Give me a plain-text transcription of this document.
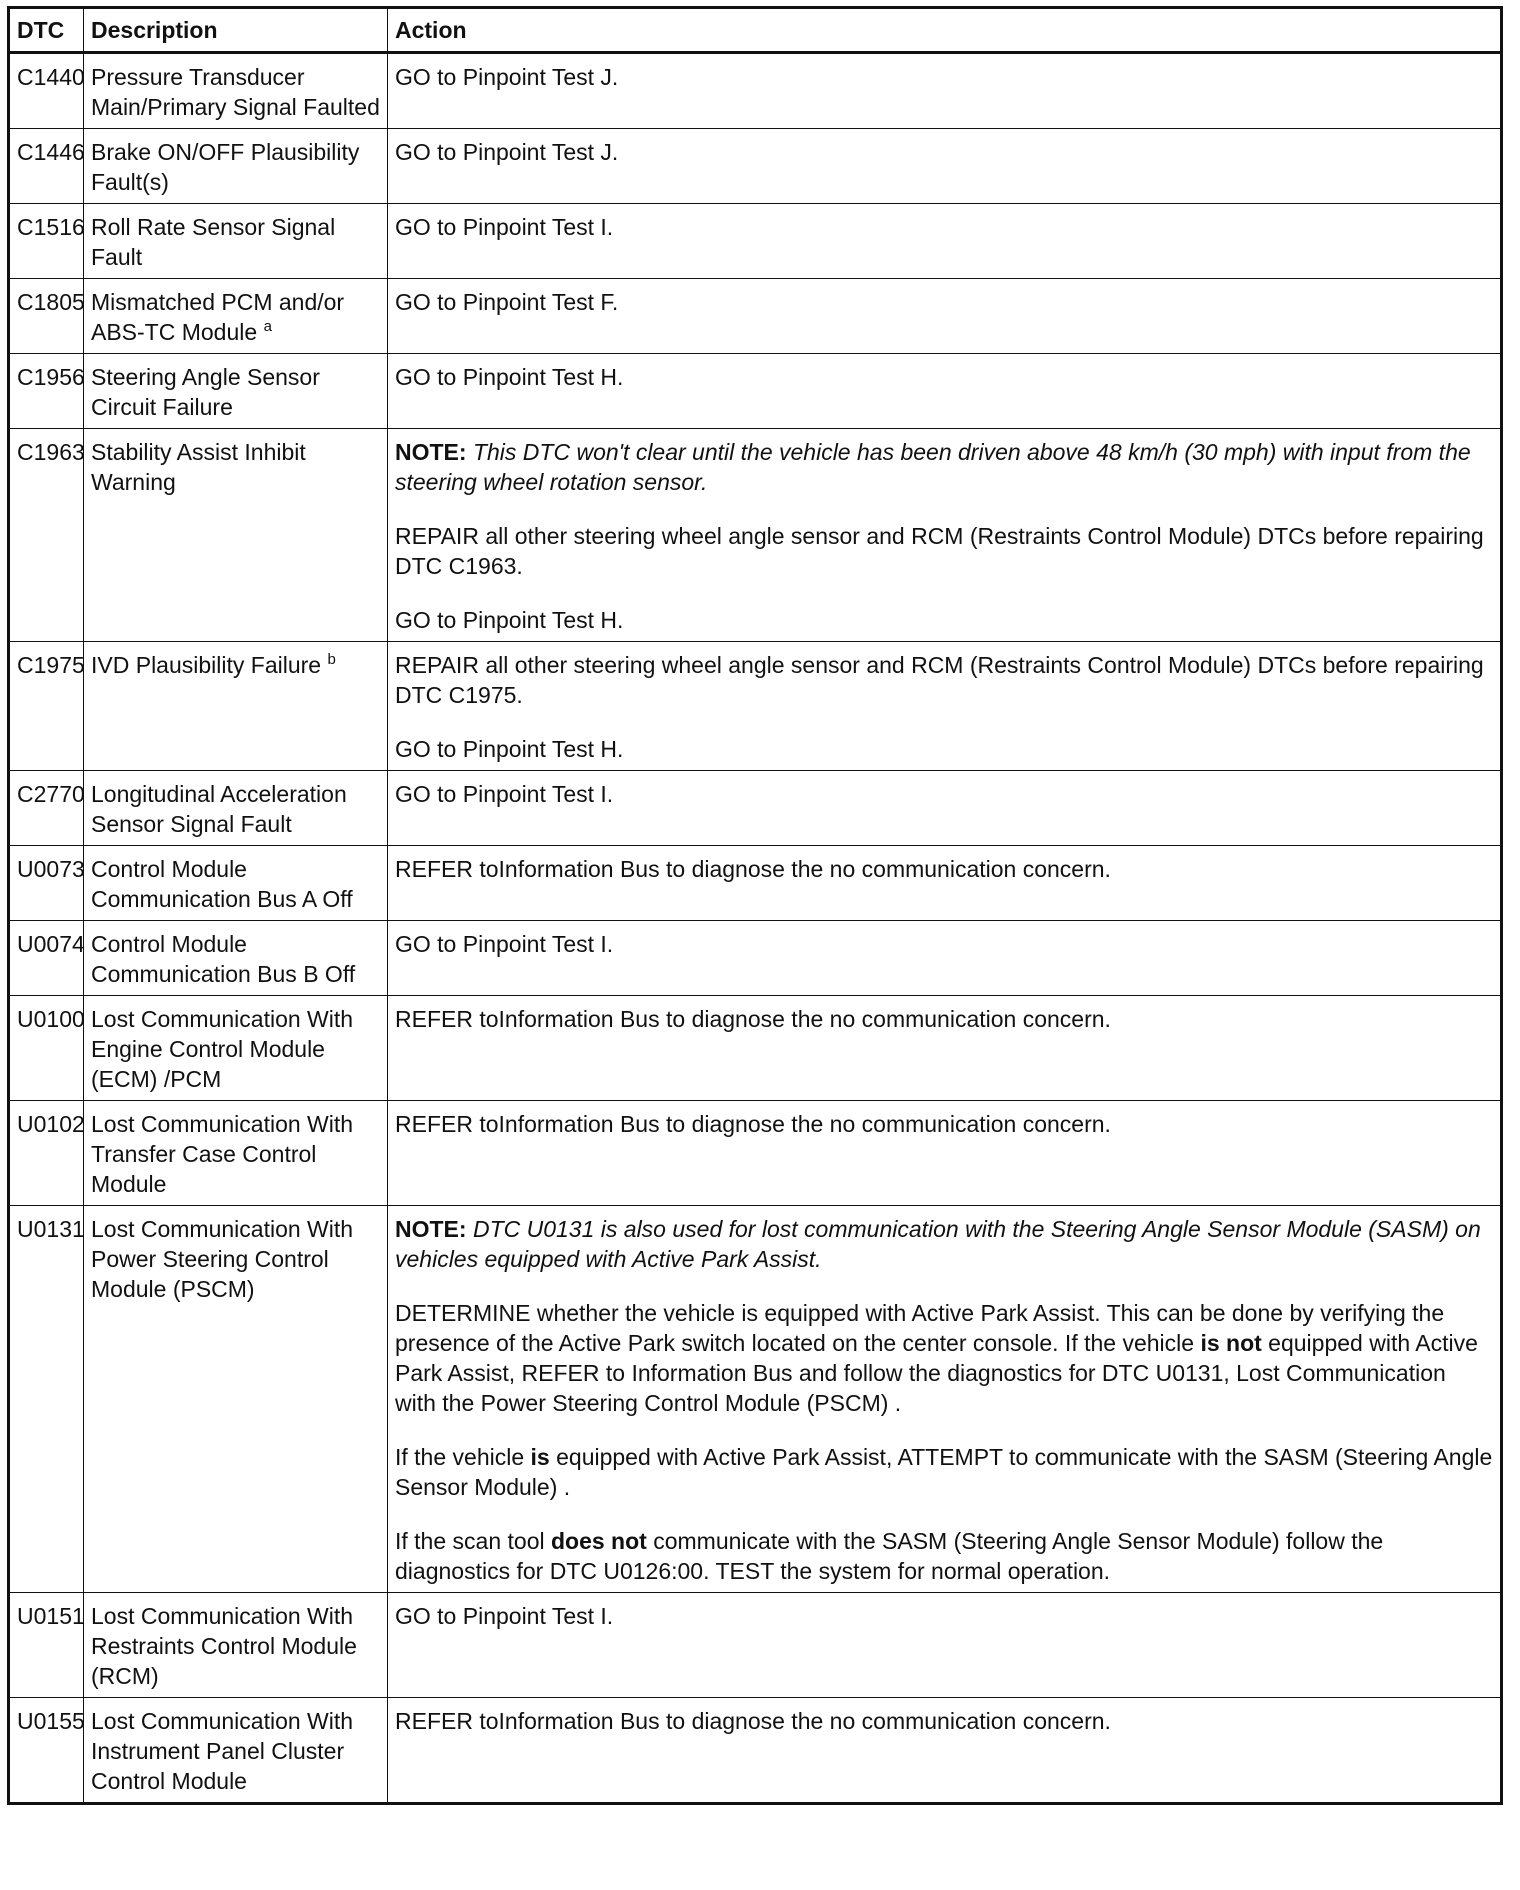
DTC	Description	Action
C1440	Pressure Transducer Main/Primary Signal Faulted	GO to Pinpoint Test J.

C1446	Brake ON/OFF Plausibility Fault(s)	GO to Pinpoint Test J.

C1516	Roll Rate Sensor Signal Fault	GO to Pinpoint Test I.

C1805	Mismatched PCM and/or ABS-TC Module $^a$	GO to Pinpoint Test F.

C1956	Steering Angle Sensor Circuit Failure	GO to Pinpoint Test H.

C1963	Stability Assist Inhibit Warning	NOTE: This DTC won't clear until the vehicle has been driven above 48 km/h (30 mph) with input from the steering wheel rotation sensor.

REPAIR all other steering wheel angle sensor and RCM (Restraints Control Module) DTCs before repairing DTC C1963.

GO to Pinpoint Test H.

C1975	IVD Plausibility Failure $^b$	REPAIR all other steering wheel angle sensor and RCM (Restraints Control Module) DTCs before repairing DTC C1975.

GO to Pinpoint Test H.

C2770	Longitudinal Acceleration Sensor Signal Fault	GO to Pinpoint Test I.

U0073	Control Module Communication Bus A Off	REFER toInformation Bus to diagnose the no communication concern.

U0074	Control Module Communication Bus B Off	GO to Pinpoint Test I.

U0100	Lost Communication With Engine Control Module (ECM) /PCM	REFER toInformation Bus to diagnose the no communication concern.

U0102	Lost Communication With Transfer Case Control Module	REFER toInformation Bus to diagnose the no communication concern.

U0131	Lost Communication With Power Steering Control Module (PSCM)	NOTE: DTC U0131 is also used for lost communication with the Steering Angle Sensor Module (SASM) on vehicles equipped with Active Park Assist.

DETERMINE whether the vehicle is equipped with Active Park Assist. This can be done by verifying the presence of the Active Park switch located on the center console. If the vehicle is not equipped with Active Park Assist, REFER to Information Bus and follow the diagnostics for DTC U0131, Lost Communication with the Power Steering Control Module (PSCM) .

If the vehicle is equipped with Active Park Assist, ATTEMPT to communicate with the SASM (Steering Angle Sensor Module) .

If the scan tool does not communicate with the SASM (Steering Angle Sensor Module) follow the diagnostics for DTC U0126:00. TEST the system for normal operation.

U0151	Lost Communication With Restraints Control Module (RCM)	GO to Pinpoint Test I.

U0155	Lost Communication With Instrument Panel Cluster Control Module	REFER toInformation Bus to diagnose the no communication concern.
